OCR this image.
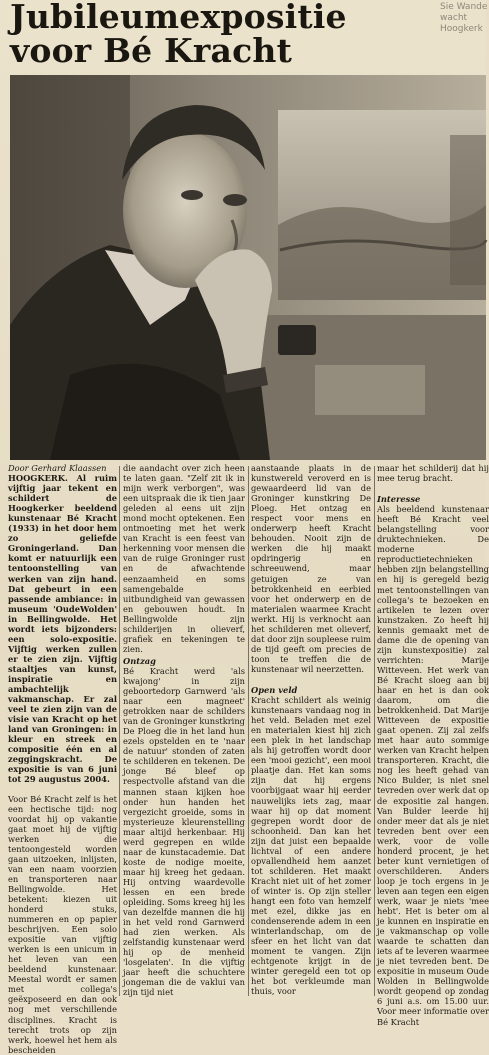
Sie Wande
wacht
Hoogkerk
Jubileumexpositie
voor Bé Kracht

Door Gerhard Klaassen

HOOGKERK. Al ruim vijftig jaar tekent en schildert de Hoogkerker beeldend kunstenaar Bé Kracht (1933) in het door hem zo geliefde Groningerland. Dan komt er natuurlijk een tentoonstelling van werken van zijn hand. Dat gebeurt in een passende ambiance: in museum 'OudeWolden' in Bellingwolde. Het wordt iets bijzonders: een solo-expositie. Vijftig werken zullen er te zien zijn. Vijftig staaltjes van kunst, inspiratie en ambachtelijk vakmanschap. Er zal veel te zien zijn van de visie van Kracht op het land van Groningen: in kleur en streek en compositie één en al zeggingskracht. De expositie is van 6 juni tot 29 augustus 2004.

Voor Bé Kracht zelf is het een hectische tijd: nog voordat hij op vakantie gaat moet hij de vijftig werken die tentoongesteld worden gaan uitzoeken, inlijsten, van een naam voorzien en transporteren naar Bellingwolde. Het betekent: kiezen uit honderd stuks, nummeren en op papier beschrijven. Een solo expositie van vijftig werken is een unicum in het leven van een beeldend kunstenaar. Meestal wordt er samen met collega's geëxposeerd en dan ook nog met verschillende disciplines. Kracht is terecht trots op zijn werk, hoewel het hem als bescheiden

die aandacht over zich heen te laten gaan. "Zelf zit ik in mijn werk verborgen", was een uitspraak die ik tien jaar geleden al eens uit zijn mond mocht optekenen. Een ontmoeting met het werk van Kracht is een feest van herkenning voor mensen die van de ruige Groninger rust en de afwachtende eenzaamheid en soms samengebalde uitbundigheid van gewassen en gebouwen houdt. In Bellingwolde zijn schilderijen in olieverf, grafiek en tekeningen te zien.

Ontzag

Bé Kracht werd 'als kwajong' in zijn geboortedorp Garnwerd 'als naar een magneet' getrokken naar de schilders van de Groninger kunstkring De Ploeg die in het land hun ezels opstelden en te 'naar de natuur' stonden of zaten te schilderen en tekenen. De jonge Bé bleef op respectvolle afstand van die mannen staan kijken hoe onder hun handen het vergezicht groeide, soms in mysterieuze kleurenstelling maar altijd herkenbaar. Hij werd gegrepen en wilde naar de kunstacademie. Dat koste de nodige moeite, maar hij kreeg het gedaan. Hij ontving waardevolle lessen en een brede opleiding. Soms kreeg hij les van dezelfde mannen die hij in het veld rond Garnwerd had zien werken. Als zelfstandig kunstenaar werd hij op de menheid 'losgelaten'. In die vijftig jaar heeft die schuchtere jongeman die de vaklui van zijn tijd niet

aanstaande plaats in de kunstwereld veroverd en is gewaardeerd lid van de Groninger kunstkring De Ploeg. Het ontzag en respect voor mens en onderwerp heeft Kracht behouden. Nooit zijn de werken die hij maakt opdringerig en schreeuwend, maar getuigen ze van betrokkenheid en eerbied voor het onderwerp en de materialen waarmee Kracht werkt. Hij is verknocht aan het schilderen met olieverf, dat door zijn soupleese ruim de tijd geeft om precies de toon te treffen die de kunstenaar wil neerzetten.

Open veld

Kracht schildert als weinig kunstenaars vandaag nog in het veld. Beladen met ezel en materialen kiest hij zich een plek in het landschap als hij getroffen wordt door een 'mooi gezicht', een mooi plaatje dan. Het kan soms zijn dat hij ergens voorbijgaat waar hij eerder nauwelijks iets zag, maar waar hij op dat moment gegrepen wordt door de schoonheid. Dan kan het zijn dat juist een bepaalde lichtval of een andere opvallendheid hem aanzet tot schilderen. Het maakt Kracht niet uit of het zomer of winter is. Op zijn steller hangt een foto van hemzelf met ezel, dikke jas en condenserende adem in een winterlandschap, om de sfeer en het licht van dat moment te vangen. Zijn echtgenote krijgt in de winter geregeld een tot op het bot verkleumde man thuis, voor

maar het schilderij dat hij mee terug bracht.

Interesse

Als beeldend kunstenaar heeft Bé Kracht veel belangstelling voor druktechnieken. De moderne reproductietechnieken hebben zijn belangstelling en hij is geregeld bezig met tentoonstellingen van collega's te bezoeken en artikelen te lezen over kunstzaken. Zo heeft hij kennis gemaakt met de dame die de opening van zijn kunstexpositie) zal verrichten: Marije Witteveen. Het werk van Bé Kracht sloeg aan bij haar en het is dan ook daarom, om die betrokkenheid. Dat Marije Witteveen de expositie gaat openen. Zij zal zelfs met haar auto sommige werken van Kracht helpen transporteren. Kracht, die nog les heeft gehad van Nico Bulder, is niet snel tevreden over werk dat op de expositie zal hangen. Van Bulder leerde hij onder meer dat als je niet tevreden bent over een werk, voor de volle honderd procent, je het beter kunt vernietigen of overschilderen. Anders loop je toch ergens in je leven aan tegen een eigen werk, waar je niets 'mee hebt'. Het is beter om al je kunnen en inspiratie en je vakmanschap op volle waarde te schatten dan iets af te leveren waarmee je niet tevreden bent. De expositie in museum Oude Wolden in Bellingwolde wordt geopend op zondag 6 juni a.s. om 15.00 uur. Voor meer informatie over Bé Kracht
